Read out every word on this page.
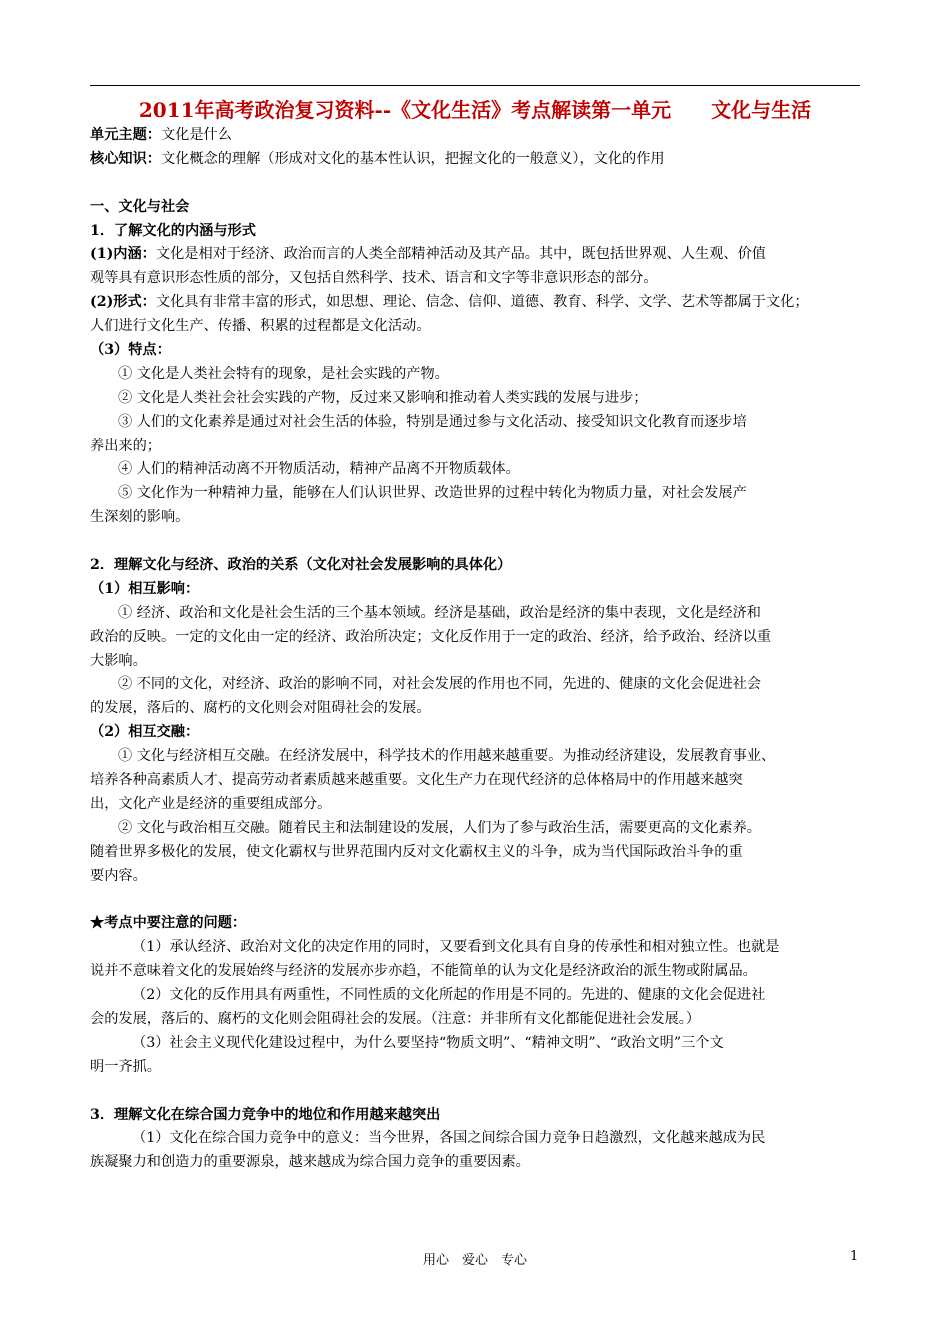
2011年高考政治复习资料--《文化生活》考点解读第一单元　　文化与生活
单元主题：文化是什么
核心知识：文化概念的理解（形成对文化的基本性认识，把握文化的一般意义），文化的作用
一、文化与社会
1．了解文化的内涵与形式
(1)内涵：文化是相对于经济、政治而言的人类全部精神活动及其产品。其中，既包括世界观、人生观、价值
观等具有意识形态性质的部分，又包括自然科学、技术、语言和文字等非意识形态的部分。
(2)形式：文化具有非常丰富的形式，如思想、理论、信念、信仰、道德、教育、科学、文学、艺术等都属于文化；
人们进行文化生产、传播、积累的过程都是文化活动。
（3）特点：
① 文化是人类社会特有的现象，是社会实践的产物。
② 文化是人类社会社会实践的产物，反过来又影响和推动着人类实践的发展与进步；
③ 人们的文化素养是通过对社会生活的体验，特别是通过参与文化活动、接受知识文化教育而逐步培
养出来的；
④ 人们的精神活动离不开物质活动，精神产品离不开物质载体。
⑤ 文化作为一种精神力量，能够在人们认识世界、改造世界的过程中转化为物质力量，对社会发展产
生深刻的影响。
2．理解文化与经济、政治的关系（文化对社会发展影响的具体化）
（1）相互影响：
① 经济、政治和文化是社会生活的三个基本领域。经济是基础，政治是经济的集中表现，文化是经济和
政治的反映。一定的文化由一定的经济、政治所决定；文化反作用于一定的政治、经济，给予政治、经济以重
大影响。
② 不同的文化，对经济、政治的影响不同，对社会发展的作用也不同，先进的、健康的文化会促进社会
的发展，落后的、腐朽的文化则会对阻碍社会的发展。
（2）相互交融：
① 文化与经济相互交融。在经济发展中，科学技术的作用越来越重要。为推动经济建设，发展教育事业、
培养各种高素质人才、提高劳动者素质越来越重要。文化生产力在现代经济的总体格局中的作用越来越突
出，文化产业是经济的重要组成部分。
② 文化与政治相互交融。随着民主和法制建设的发展，人们为了参与政治生活，需要更高的文化素养。
随着世界多极化的发展，使文化霸权与世界范围内反对文化霸权主义的斗争，成为当代国际政治斗争的重
要内容。
★考点中要注意的问题：
（1）承认经济、政治对文化的决定作用的同时，又要看到文化具有自身的传承性和相对独立性。也就是
说并不意味着文化的发展始终与经济的发展亦步亦趋，不能简单的认为文化是经济政治的派生物或附属品。
（2）文化的反作用具有两重性，不同性质的文化所起的作用是不同的。先进的、健康的文化会促进社
会的发展，落后的、腐朽的文化则会阻碍社会的发展。（注意：并非所有文化都能促进社会发展。）
（3）社会主义现代化建设过程中，为什么要坚持“物质文明”、“精神文明”、“政治文明”三个文
明一齐抓。
3．理解文化在综合国力竞争中的地位和作用越来越突出
（1）文化在综合国力竞争中的意义：当今世界，各国之间综合国力竞争日趋激烈，文化越来越成为民
族凝聚力和创造力的重要源泉，越来越成为综合国力竞争的重要因素。
用心　爱心　专心	1
